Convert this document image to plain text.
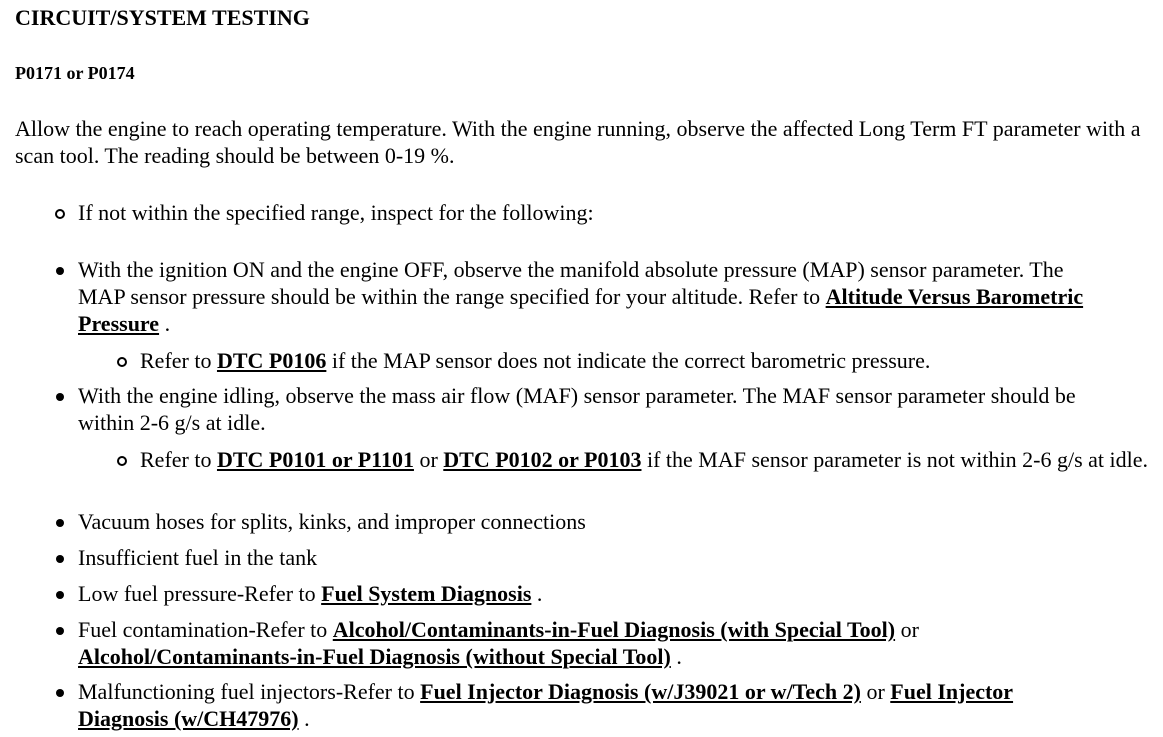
CIRCUIT/SYSTEM TESTING
P0171 or P0174

Allow the engine to reach operating temperature. With the engine running, observe the affected Long Term FT parameter with a scan tool. The reading should be between 0-19 %.

If not within the specified range, inspect for the following:
With the ignition ON and the engine OFF, observe the manifold absolute pressure (MAP) sensor parameter. The MAP sensor pressure should be within the range specified for your altitude. Refer to Altitude Versus Barometric Pressure .
Refer to DTC P0106 if the MAP sensor does not indicate the correct barometric pressure.
With the engine idling, observe the mass air flow (MAF) sensor parameter. The MAF sensor parameter should be within 2-6 g/s at idle.
Refer to DTC P0101 or P1101 or DTC P0102 or P0103 if the MAF sensor parameter is not within 2-6 g/s at idle.
Vacuum hoses for splits, kinks, and improper connections
Insufficient fuel in the tank
Low fuel pressure-Refer to Fuel System Diagnosis .
Fuel contamination-Refer to Alcohol/Contaminants-in-Fuel Diagnosis (with Special Tool) or
Alcohol/Contaminants-in-Fuel Diagnosis (without Special Tool) .
Malfunctioning fuel injectors-Refer to Fuel Injector Diagnosis (w/J39021 or w/Tech 2) or Fuel Injector Diagnosis (w/CH47976) .
